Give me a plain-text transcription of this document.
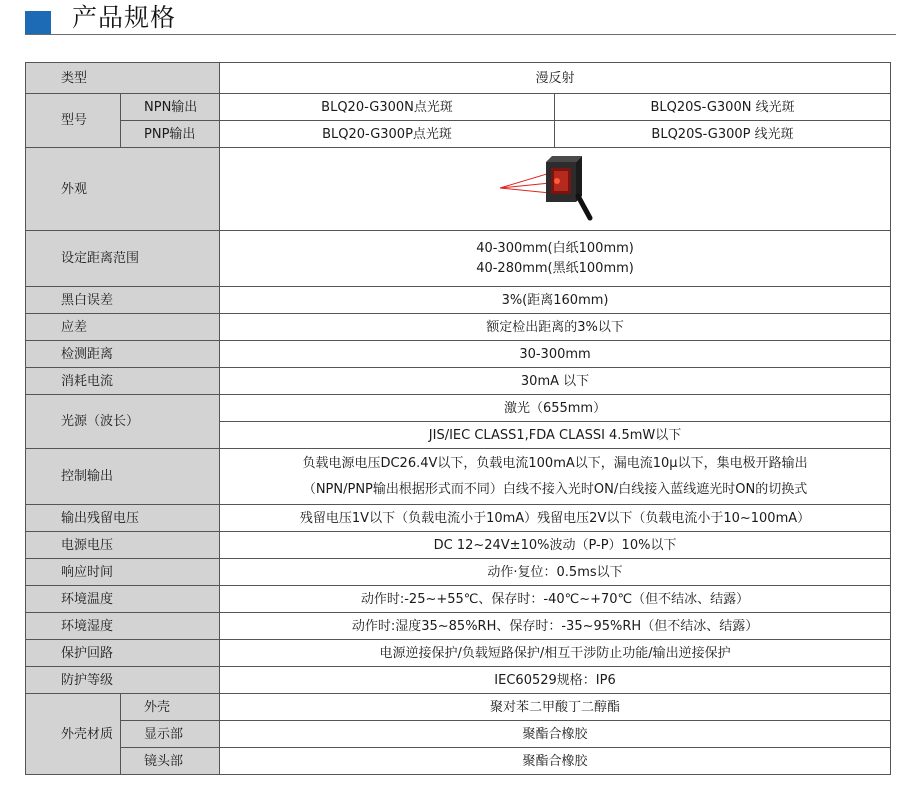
产品规格
类型		漫反射	
型号	NPN输出	BLQ20-G300N点光斑	BLQ20S-G300N 线光斑
	PNP输出	BLQ20-G300P点光斑	BLQ20S-G300P 线光斑
外观	
设定距离范围		40-300mm(白纸100mm)
40-280mm(黑纸100mm)	

黑白误差		3%(距离160mm)	
应差		额定检出距离的3%以下	
检测距离		30-300mm	
消耗电流		30mA 以下	
光源（波长）		激光（655mm）	
		JIS/IEC CLASS1,FDA CLASSI 4.5mW以下	
控制输出		负载电源电压DC26.4V以下，负载电流100mA以下，漏电流10μ以下，集电极开路输出
（NPN/PNP输出根据形式而不同）白线不接入光时ON/白线接入蓝线遮光时ON的切换式	

输出残留电压		残留电压1V以下（负载电流小于10mA）残留电压2V以下（负载电流小于10~100mA）	
电源电压		DC 12~24V±10%波动（P-P）10%以下	
响应时间		动作·复位：0.5ms以下	
环境温度		动作时:-25~+55℃、保存时：-40℃~+70℃（但不结冰、结露）	
环境湿度		动作时:湿度35~85%RH、保存时：-35~95%RH（但不结冰、结露）	
保护回路		电源逆接保护/负载短路保护/相互干涉防止功能/输出逆接保护	
防护等级		IEC60529规格：IP6	
外壳材质	外壳	聚对苯二甲酸丁二醇酯	
	显示部	聚酯合橡胶	
	镜头部	聚酯合橡胶	
